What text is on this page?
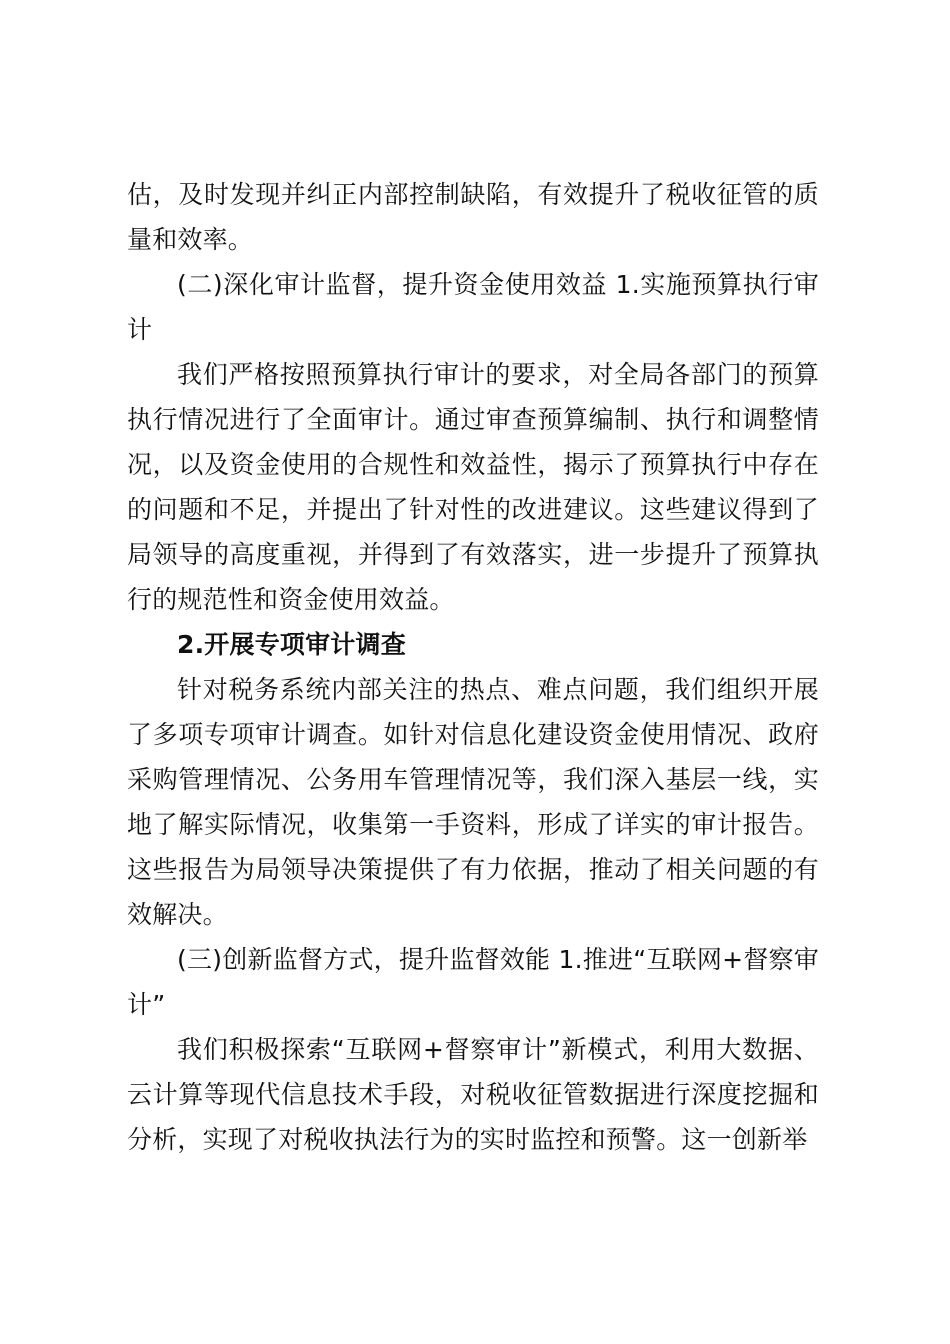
估，及时发现并纠正内部控制缺陷，有效提升了税收征管的质量和效率。

(二)深化审计监督，提升资金使用效益 1.实施预算执行审计

我们严格按照预算执行审计的要求，对全局各部门的预算执行情况进行了全面审计。通过审查预算编制、执行和调整情况，以及资金使用的合规性和效益性，揭示了预算执行中存在的问题和不足，并提出了针对性的改进建议。这些建议得到了局领导的高度重视，并得到了有效落实，进一步提升了预算执行的规范性和资金使用效益。

2.开展专项审计调查

针对税务系统内部关注的热点、难点问题，我们组织开展了多项专项审计调查。如针对信息化建设资金使用情况、政府采购管理情况、公务用车管理情况等，我们深入基层一线，实地了解实际情况，收集第一手资料，形成了详实的审计报告。这些报告为局领导决策提供了有力依据，推动了相关问题的有效解决。

(三)创新监督方式，提升监督效能 1.推进“互联网+督察审计”

我们积极探索“互联网+督察审计”新模式，利用大数据、云计算等现代信息技术手段，对税收征管数据进行深度挖掘和分析，实现了对税收执法行为的实时监控和预警。这一创新举
